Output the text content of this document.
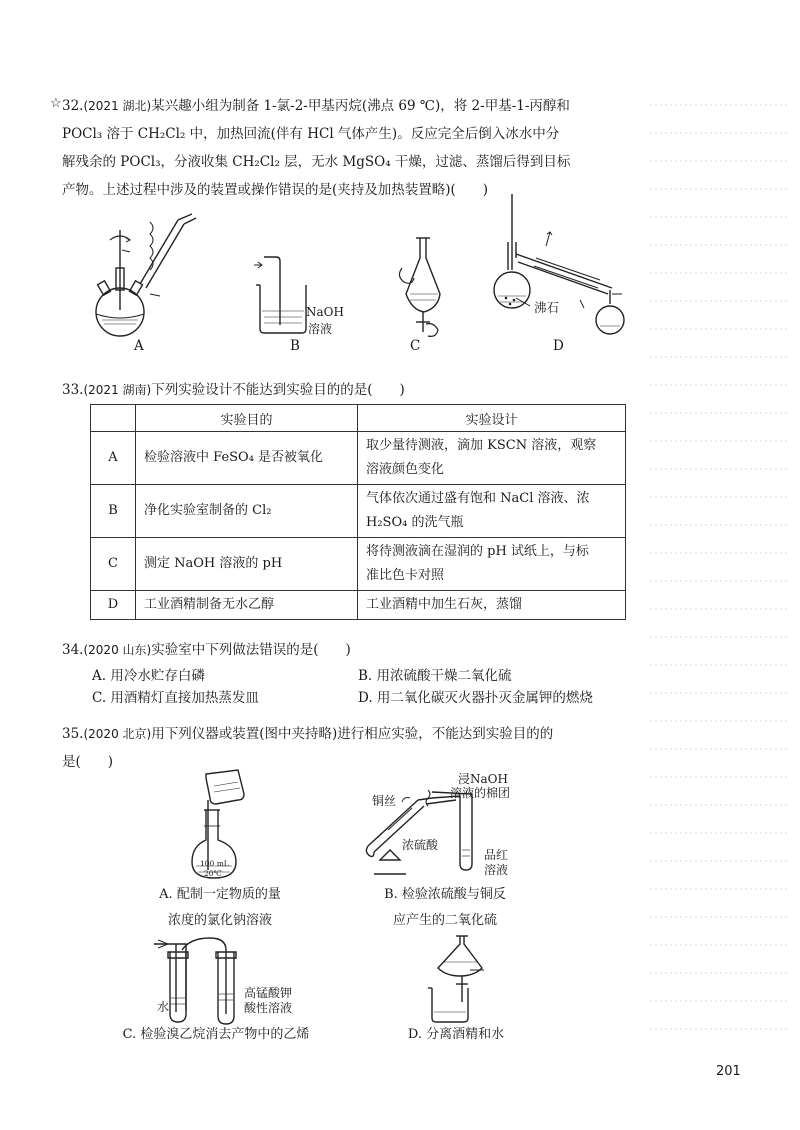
☆ 32.(2021 湖北)某兴趣小组为制备 1-氯-2-甲基丙烷(沸点 69 ℃)，将 2-甲基-1-丙醇和
POCl₃ 溶于 CH₂Cl₂ 中，加热回流(伴有 HCl 气体产生)。反应完全后倒入冰水中分
解残余的 POCl₃，分液收集 CH₂Cl₂ 层，无水 MgSO₄ 干燥，过滤、蒸馏后得到目标
产物。上述过程中涉及的装置或操作错误的是(夹持及加热装置略)(　　)
A
NaOH
溶液
B	C
沸石
D
33.(2021 湖南)下列实验设计不能达到实验目的的是(　　)
	实验目的	实验设计
A	检验溶液中 FeSO₄ 是否被氧化	取少量待测液，滴加 KSCN 溶液，观察
溶液颜色变化

B	净化实验室制备的 Cl₂	气体依次通过盛有饱和 NaCl 溶液、浓
H₂SO₄ 的洗气瓶

C	测定 NaOH 溶液的 pH	将待测液滴在湿润的 pH 试纸上，与标
准比色卡对照

D	工业酒精制备无水乙醇	工业酒精中加生石灰，蒸馏
34.(2020 山东)实验室中下列做法错误的是(　　)
A. 用冷水贮存白磷	B. 用浓硫酸干燥二氧化硫
C. 用酒精灯直接加热蒸发皿	D. 用二氧化碳灭火器扑灭金属钾的燃烧
35.(2020 北京)用下列仪器或装置(图中夹持略)进行相应实验，不能达到实验目的的
是(　　)
100 mL
20℃
A. 配制一定物质的量
浓度的氯化钠溶液
铜丝
浸NaOH
溶液的棉团
浓硫酸
品红
溶液
B. 检验浓硫酸与铜反
应产生的二氧化硫
水
高锰酸钾
酸性溶液
C. 检验溴乙烷消去产物中的乙烯	D. 分离酒精和水
201
